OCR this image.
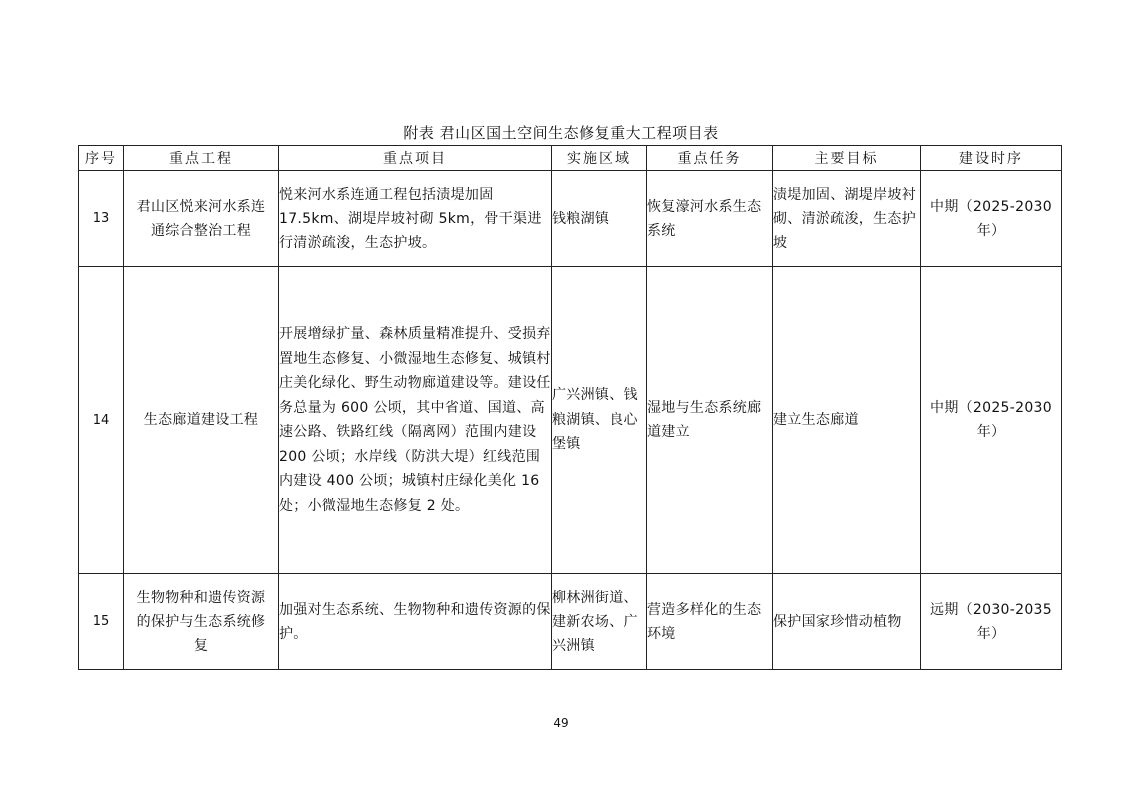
附表 君山区国土空间生态修复重大工程项目表
序号	重点工程	重点项目	实施区域	重点任务	主要目标	建设时序
13	君山区悦来河水系连通综合整治工程	悦来河水系连通工程包括渍堤加固17.5km、湖堤岸坡衬砌 5km，骨干渠进行清淤疏浚，生态护坡。	钱粮湖镇	恢复濠河水系生态系统	渍堤加固、湖堤岸坡衬砌、清淤疏浚，生态护坡	中期（2025-2030 年）

14	生态廊道建设工程	开展增绿扩量、森林质量精准提升、受损弃置地生态修复、小微湿地生态修复、城镇村庄美化绿化、野生动物廊道建设等。建设任务总量为 600 公顷，其中省道、国道、高速公路、铁路红线（隔离网）范围内建设 200 公顷；水岸线（防洪大堤）红线范围内建设 400 公顷；城镇村庄绿化美化 16 处；小微湿地生态修复 2 处。	广兴洲镇、钱粮湖镇、良心堡镇	湿地与生态系统廊道建立	建立生态廊道	中期（2025-2030 年）

15	生物物种和遗传资源的保护与生态系统修复	加强对生态系统、生物物种和遗传资源的保护。	柳林洲街道、建新农场、广兴洲镇	营造多样化的生态环境	保护国家珍惜动植物	远期（2030-2035 年）
49
